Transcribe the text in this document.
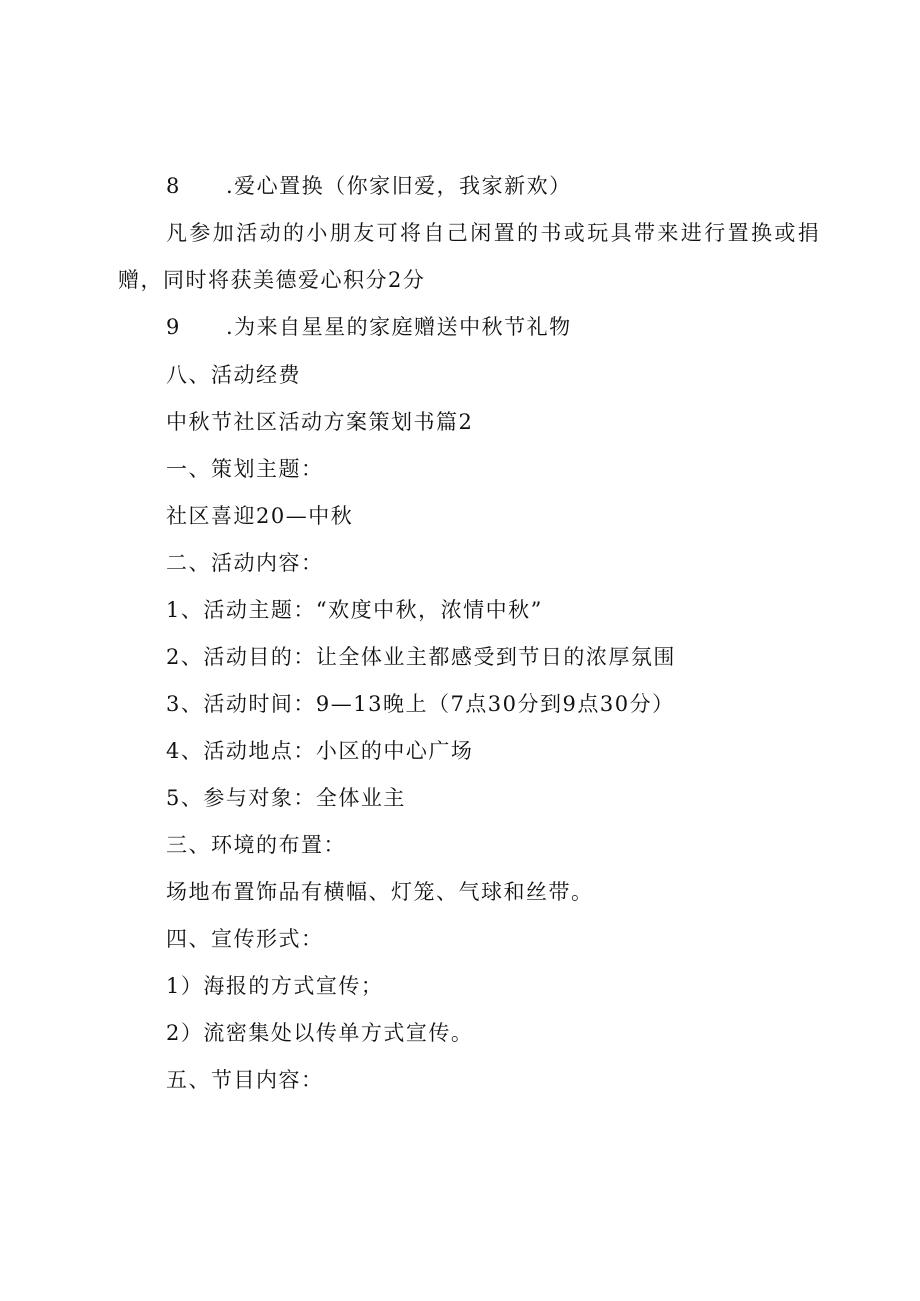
8 .爱心置换（你家旧爱，我家新欢）
凡参加活动的小朋友可将自己闲置的书或玩具带来进行置换或捐
赠，同时将获美德爱心积分2分
9 .为来自星星的家庭赠送中秋节礼物
八、活动经费
中秋节社区活动方案策划书篇2
一、策划主题：
社区喜迎20—中秋
二、活动内容：
1、活动主题：“欢度中秋，浓情中秋”
2、活动目的：让全体业主都感受到节日的浓厚氛围
3、活动时间：9—13晚上（7点30分到9点30分）
4、活动地点：小区的中心广场
5、参与对象：全体业主
三、环境的布置：
场地布置饰品有横幅、灯笼、气球和丝带。
四、宣传形式：
1）海报的方式宣传；
2）流密集处以传单方式宣传。
五、节目内容：
